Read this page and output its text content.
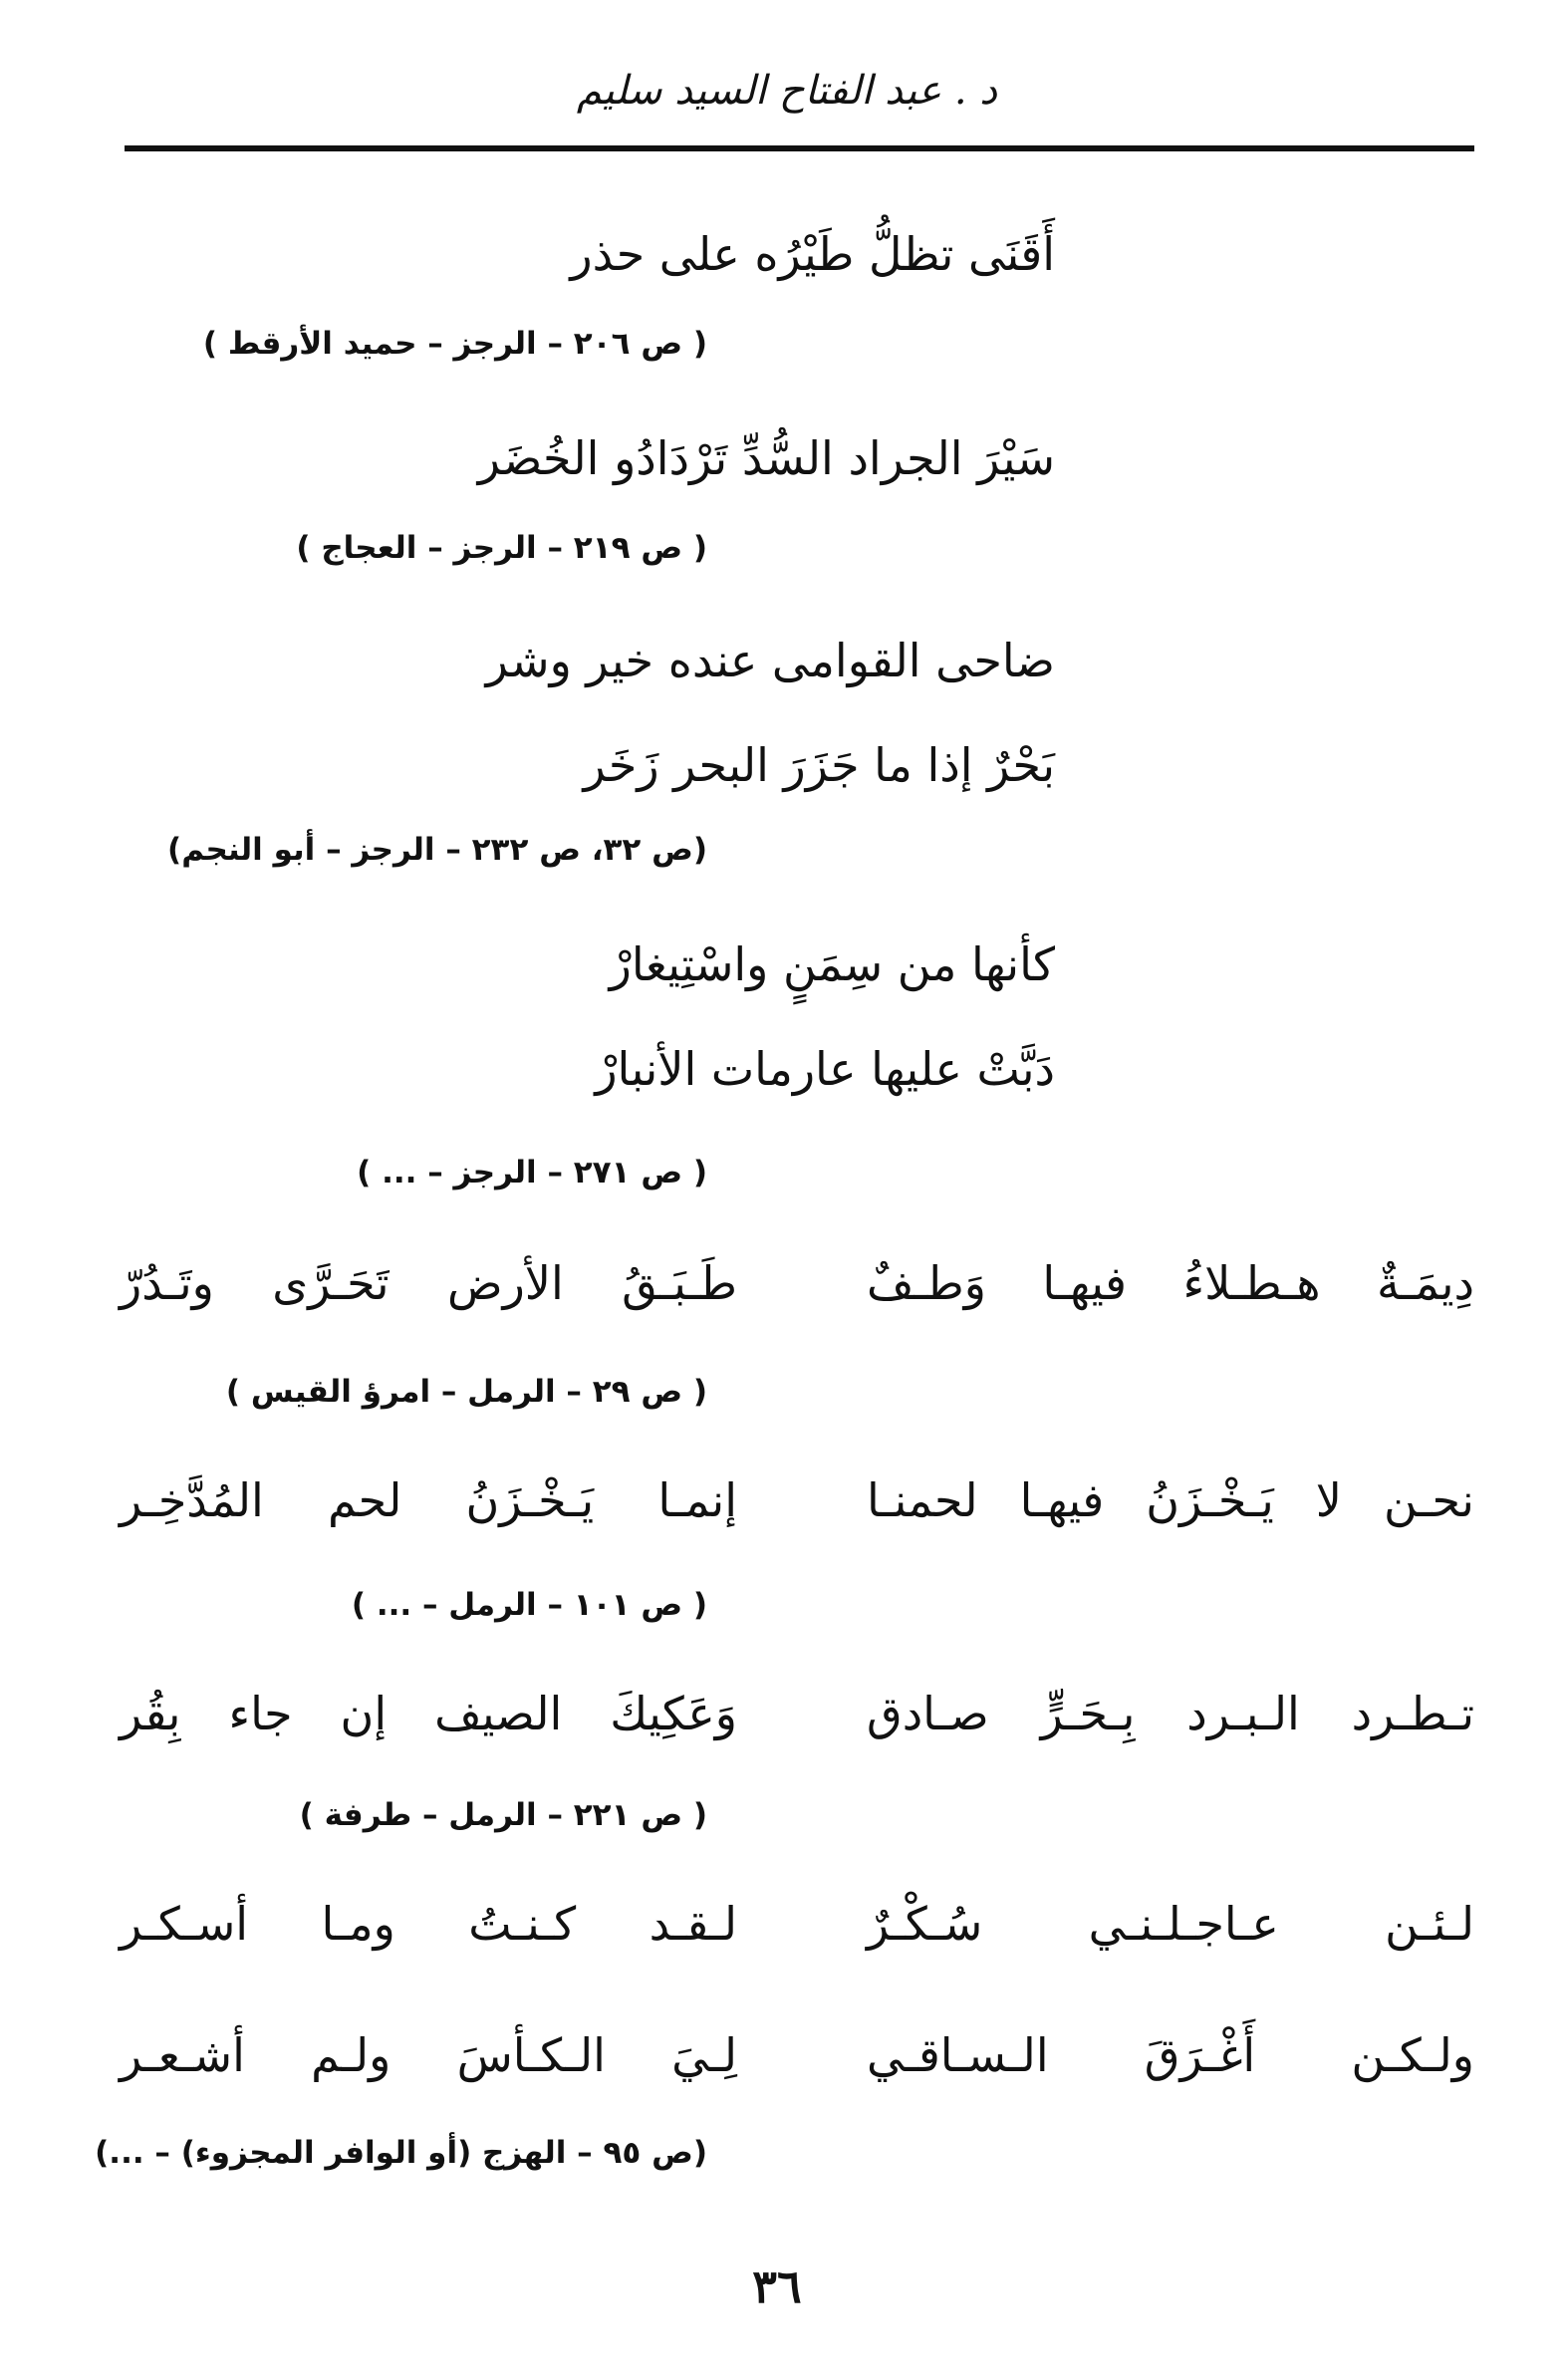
د . عبد الفتاح السيد سليم
أَقَنَى تظلُّ طَيْرُه على حذر
( ص ٢٠٦ – الرجز – حميد الأرقط )
سَيْرَ الجراد السُّدِّ تَرْدَادُو الخُضَر
( ص ٢١٩ – الرجز – العجاج )
ضاحى القوامى عنده خير وشر
بَحْرٌ إذا ما جَزَرَ البحر زَخَر
(ص ٣٢، ص ٢٣٢ – الرجز – أبو النجم)
كأنها من سِمَنٍ واسْتِيغارْ
دَبَّتْ عليها عارمات الأنبارْ
( ص ٢٧١ – الرجز – ... )
دِيمَـةٌ هـطـلاءُ فيهـا وَطـفٌ
طَـبَـقُ الأرض تَحَـرَّى وتَـدُرّ
( ص ٢٩ – الرمل – امرؤ القيس )
نحـن لا يَـخْـزَنُ فيهـا لحمنـا
إنمـا يَـخْـزَنُ لحم المُدَّخِـر
( ص ١٠١ – الرمل – ... )
تـطـرد الـبـرد بِـحَـرٍّ صـادق
وَعَكِيكَ الصيف إن جاء بِقُر
( ص ٢٢١ – الرمل – طرفة )
لـئـن عـاجـلـنـي سُـكْـرٌ
لـقـد كـنـتُ ومـا أسـكـر
ولـكـن أَغْـرَقَ الـسـاقـي
لِـيَ الـكـأسَ ولـم أشـعـر
(ص ٩٥ – الهزج (أو الوافر المجزوء) – ...)
٣٦
